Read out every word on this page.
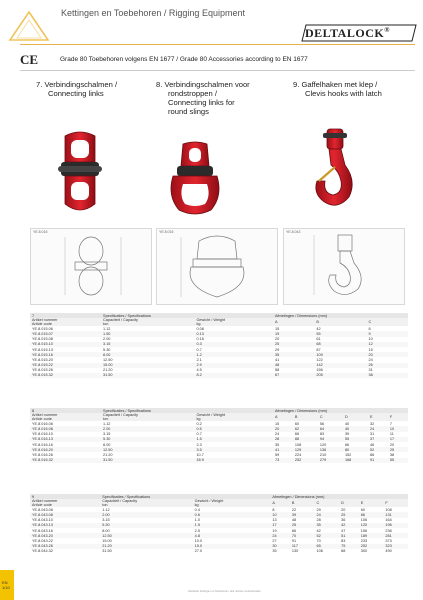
Kettingen en Toebehoren / Rigging Equipment
DELTALOCK®
CE	Grade 80 Toebehoren volgens EN 1677 / Grade 80 Accessories according to EN 1677
7. Verbindingschalmen /
Connecting links
8. Verbindingschalmen voor
rondstroppen /
Connecting links for
round slings
9. Gaffelhaken met klep /
Clevis hooks with latch
YE.8.015	YE.8.016	YE.8.043
7	Specificaties / Specifications		Afmetingen / Dimensions (mm)		
Artikel nummer
Article code	Capaciteit / Capacity
ton	Gewicht / Weight
kg	A	B	C
YE.8.015.06	1.12	0.08	15	42	8
YE.8.015.07	1.50	0.13	19	55	9
YE.8.015.08	2.00	0.16	20	61	10
YE.8.015.10	3.15	0.3	25	68	12
YE.8.015.13	5.30	0.7	29	87	15
YE.8.015.16	8.00	1.2	35	109	20
YE.8.015.20	12.50	2.1	41	122	24
YE.8.015.22	15.00	2.9	48	142	26
YE.8.015.26	21.20	4.5	58	156	31
YE.8.015.32	31.50	8.2	67	205	38
8	Specificaties / Specifications		Afmetingen / Dimensions (mm)					
Artikel nummer
Article code	Capaciteit / Capacity
ton	Gewicht / Weight
kg	A	B	C	D	E	F
YE.8.016.06	1.12	0.2	15	60	56	40	32	7
YE.8.016.08	2.00	0.5	20	62	64	40	24	10
YE.8.016.10	3.15	0.7	24	66	83	39	31	11
YE.8.016.13	5.30	1.5	28	88	94	55	37	17
YE.8.016.16	8.00	2.3	35	108	120	66	46	20
YE.8.016.20	12.50	3.5	41	129	136	80	52	25
YE.8.016.26	21.20	10.7	59	224	210	152	86	38
YE.8.016.32	31.50	18.9	73	252	279	168	91	55
9	Specificaties / Specifications		Afmetingen / Dimensions (mm)					
Artikel nummer
Article code	Capaciteit / Capacity
ton	Gewicht / Weight
kg	A	B	C	D	E	F
YE.8.043.06	1.12	0.4	8	22	29	20	60	108
YE.8.043.08	2.00	0.6	10	39	24	25	86	131
YE.8.043.10	3.15	1.0	13	48	28	36	106	164
YE.8.043.13	5.30	1.5	17	25	35	42	120	196
YE.8.043.16	8.00	2.5	19	66	42	47	156	236
YE.8.043.20	12.50	4.8	24	70	52	51	189	281
YE.8.043.22	15.00	10.0	27	91	70	83	233	373
YE.8.043.26	21.20	15.0	30	117	65	75	252	323
YE.8.044.32	31.50	27.0	35	130	106	88	300	490
EN
1/10
Deltalock Kettingen en Toebehoren. Alle rechten voorbehouden.
